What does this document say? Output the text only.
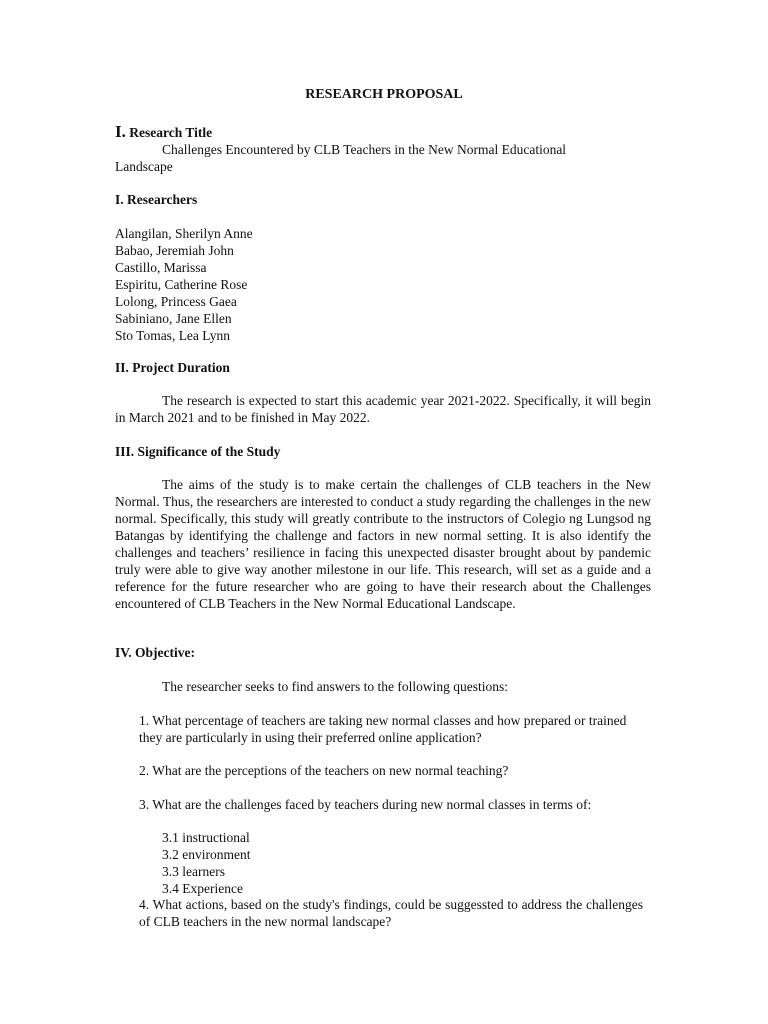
RESEARCH PROPOSAL
I. Research Title
Challenges Encountered by CLB Teachers in the New Normal Educational
Landscape
I. Researchers
Alangilan, Sherilyn Anne
Babao, Jeremiah John
Castillo, Marissa
Espiritu, Catherine Rose
Lolong, Princess Gaea
Sabiniano, Jane Ellen
Sto Tomas, Lea Lynn
II. Project Duration

The research is expected to start this academic year 2021-2022. Specifically, it will begin in March 2021 and to be finished in May 2022.

III. Significance of the Study

The aims of the study is to make certain the challenges of CLB teachers in the New Normal. Thus, the researchers are interested to conduct a study regarding the challenges in the new normal. Specifically, this study will greatly contribute to the instructors of Colegio ng Lungsod ng Batangas by identifying the challenge and factors in new normal setting. It is also identify the challenges and teachers’ resilience in facing this unexpected disaster brought about by pandemic truly were able to give way another milestone in our life. This research, will set as a guide and a reference for the future researcher who are going to have their research about the Challenges encountered of CLB Teachers in the New Normal Educational Landscape.

IV. Objective:
The researcher seeks to find answers to the following questions:

1. What percentage of teachers are taking new normal classes and how prepared or trained they are particularly in using their preferred online application?

2. What are the perceptions of the teachers on new normal teaching?

3. What are the challenges faced by teachers during new normal classes in terms of:

3.1 instructional
3.2 environment
3.3 learners
3.4 Experience

4. What actions, based on the study's findings, could be suggessted to address the challenges of CLB teachers in the new normal landscape?
